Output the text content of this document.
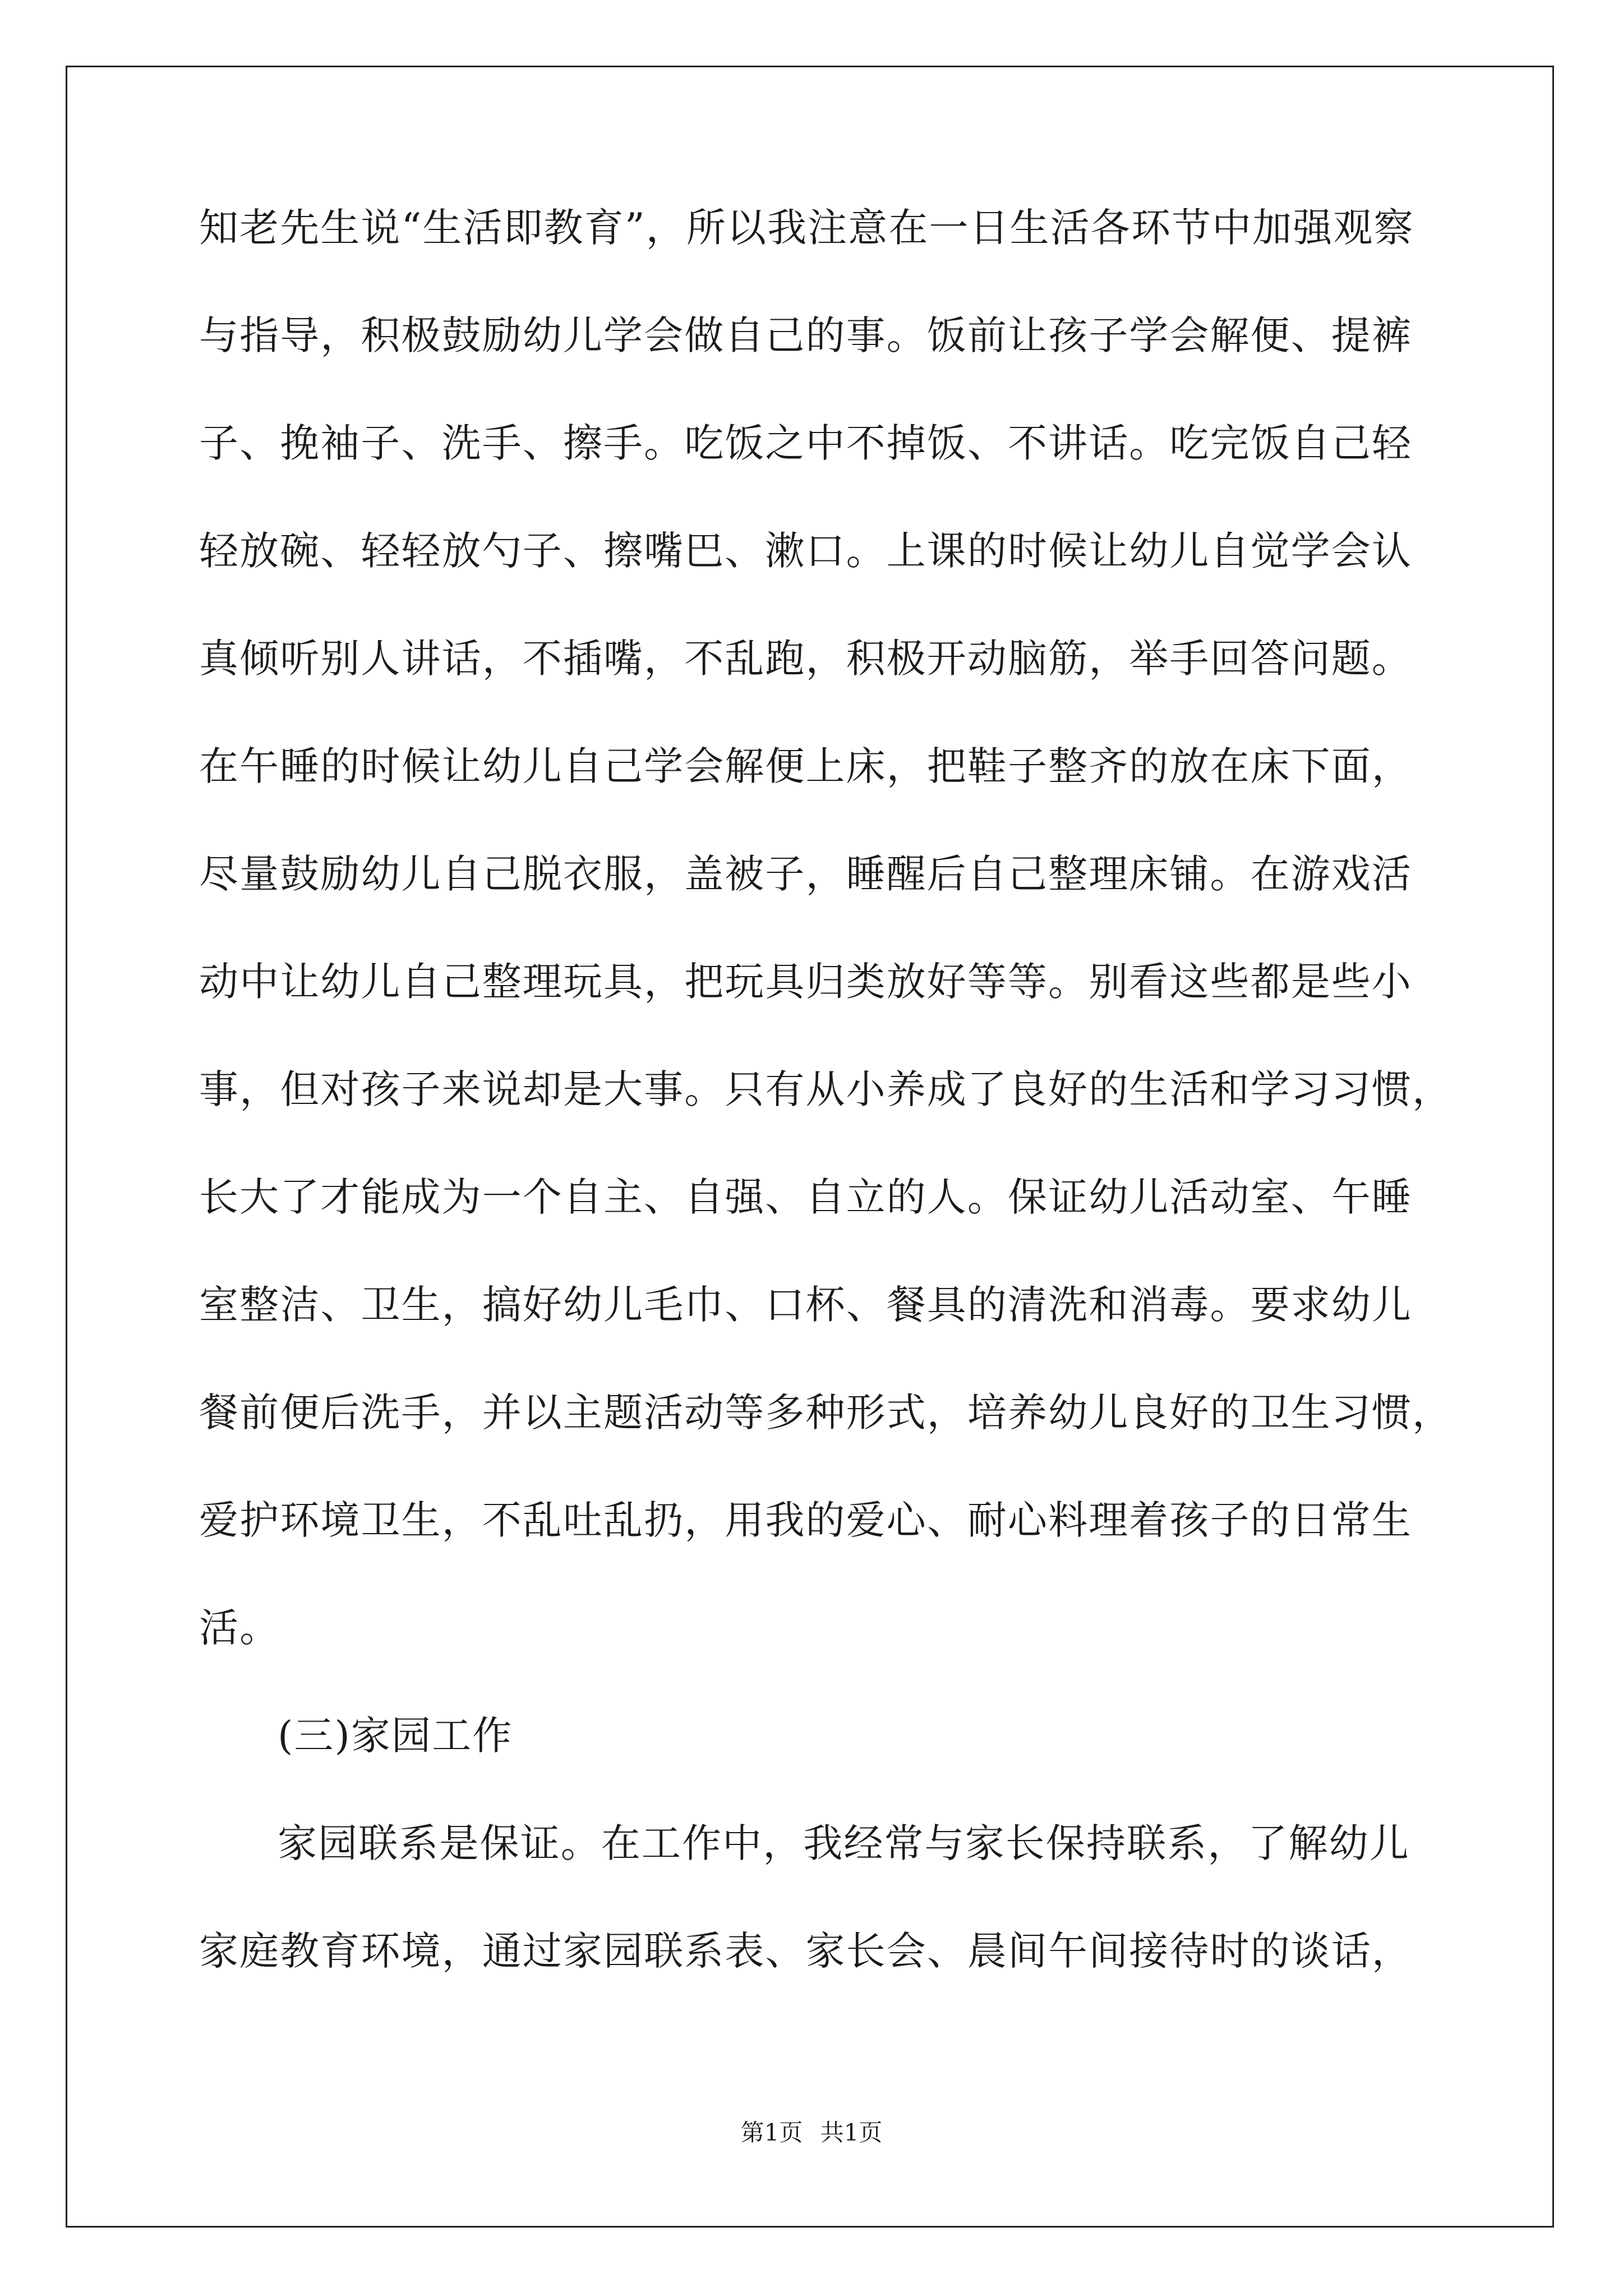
知老先生说“生活即教育”，所以我注意在一日生活各环节中加强观察
与指导，积极鼓励幼儿学会做自己的事。饭前让孩子学会解便、提裤
子、挽袖子、洗手、擦手。吃饭之中不掉饭、不讲话。吃完饭自己轻
轻放碗、轻轻放勺子、擦嘴巴、漱口。上课的时候让幼儿自觉学会认
真倾听别人讲话，不插嘴，不乱跑，积极开动脑筋，举手回答问题。
在午睡的时候让幼儿自己学会解便上床，把鞋子整齐的放在床下面，
尽量鼓励幼儿自己脱衣服，盖被子，睡醒后自己整理床铺。在游戏活
动中让幼儿自己整理玩具，把玩具归类放好等等。别看这些都是些小
事，但对孩子来说却是大事。只有从小养成了良好的生活和学习习惯，
长大了才能成为一个自主、自强、自立的人。保证幼儿活动室、午睡
室整洁、卫生，搞好幼儿毛巾、口杯、餐具的清洗和消毒。要求幼儿
餐前便后洗手，并以主题活动等多种形式，培养幼儿良好的卫生习惯，
爱护环境卫生，不乱吐乱扔，用我的爱心、耐心料理着孩子的日常生
活。
(三)家园工作
家园联系是保证。在工作中，我经常与家长保持联系，了解幼儿
家庭教育环境，通过家园联系表、家长会、晨间午间接待时的谈话，
第1页 共1页
